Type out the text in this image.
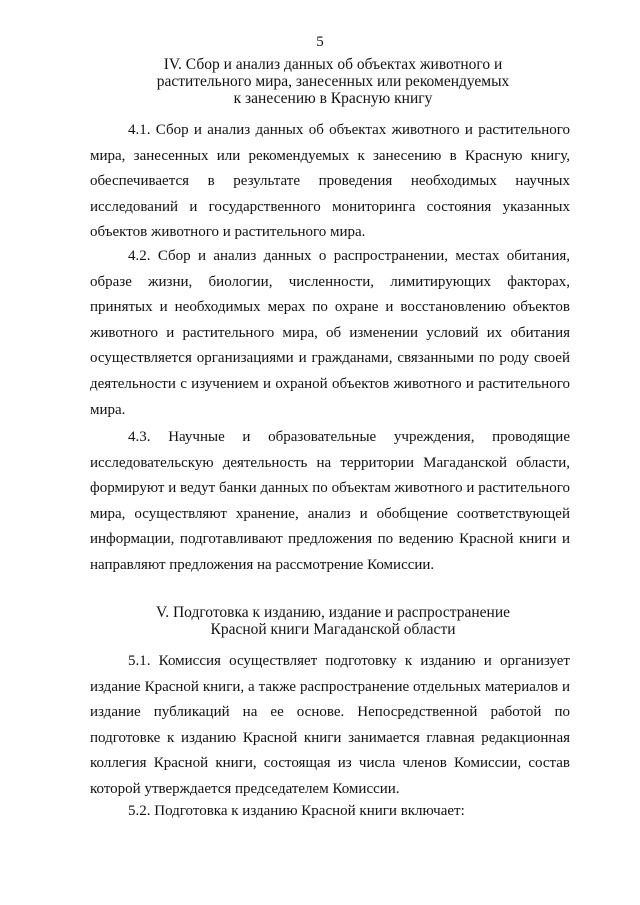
5
IV. Сбор и анализ данных об объектах животного и
растительного мира, занесенных или рекомендуемых
к занесению в Красную книгу

4.1. Сбор и анализ данных об объектах животного и растительного мира, занесенных или рекомендуемых к занесению в Красную книгу, обеспечивается в результате проведения необходимых научных исследований и государственного мониторинга состояния указанных объектов животного и растительного мира.

4.2. Сбор и анализ данных о распространении, местах обитания, образе жизни, биологии, численности, лимитирующих факторах, принятых и необходимых мерах по охране и восстановлению объектов животного и растительного мира, об изменении условий их обитания осуществляется организациями и гражданами, связанными по роду своей деятельности с изучением и охраной объектов животного и растительного мира.

4.3. Научные и образовательные учреждения, проводящие исследовательскую деятельность на территории Магаданской области, формируют и ведут банки данных по объектам животного и растительного мира, осуществляют хранение, анализ и обобщение соответствующей информации, подготавливают предложения по ведению Красной книги и направляют предложения на рассмотрение Комиссии.

V. Подготовка к изданию, издание и распространение
Красной книги Магаданской области

5.1. Комиссия осуществляет подготовку к изданию и организует издание Красной книги, а также распространение отдельных материалов и издание публикаций на ее основе. Непосредственной работой по подготовке к изданию Красной книги занимается главная редакционная коллегия Красной книги, состоящая из числа членов Комиссии, состав которой утверждается председателем Комиссии.

5.2. Подготовка к изданию Красной книги включает:
